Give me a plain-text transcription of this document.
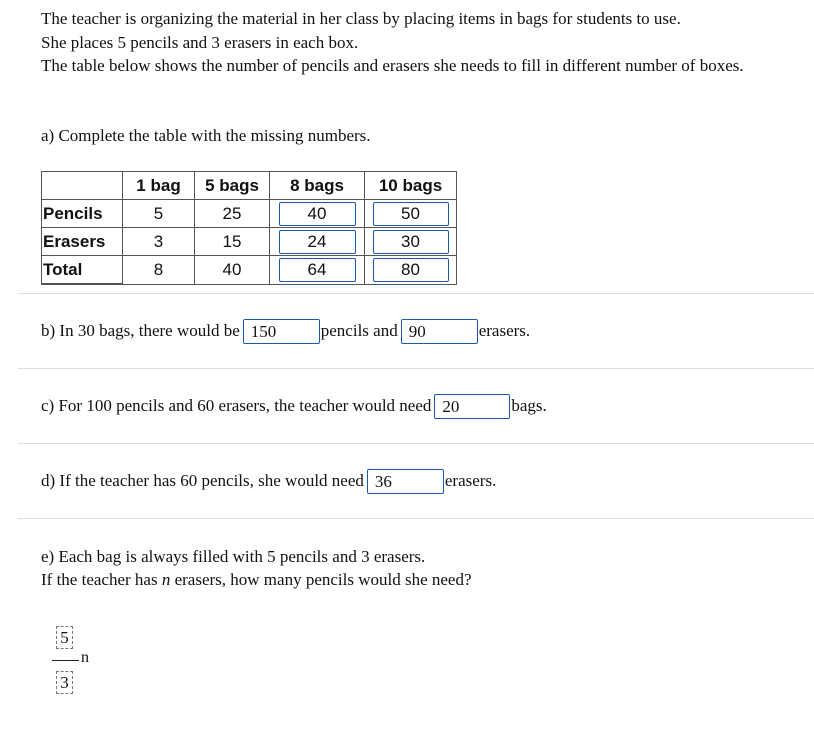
The teacher is organizing the material in her class by placing items in bags for students to use.

She places 5 pencils and 3 erasers in each box.

The table below shows the number of pencils and erasers she needs to fill in different number of boxes.

a) Complete the table with the missing numbers.
	1 bag	5 bags	8 bags	10 bags
Pencils	5	25	40	50
Erasers	3	15	24	30
Total	8	40	64	80
b) In 30 bags, there would be 150	pencils and 90	erasers.
c) For 100 pencils and 60 erasers, the teacher would need 20	bags.
d) If the teacher has 60 pencils, she would need 36	erasers.

e) Each bag is always filled with 5 pencils and 3 erasers.

If the teacher has n erasers, how many pencils would she need?

5
3
n
